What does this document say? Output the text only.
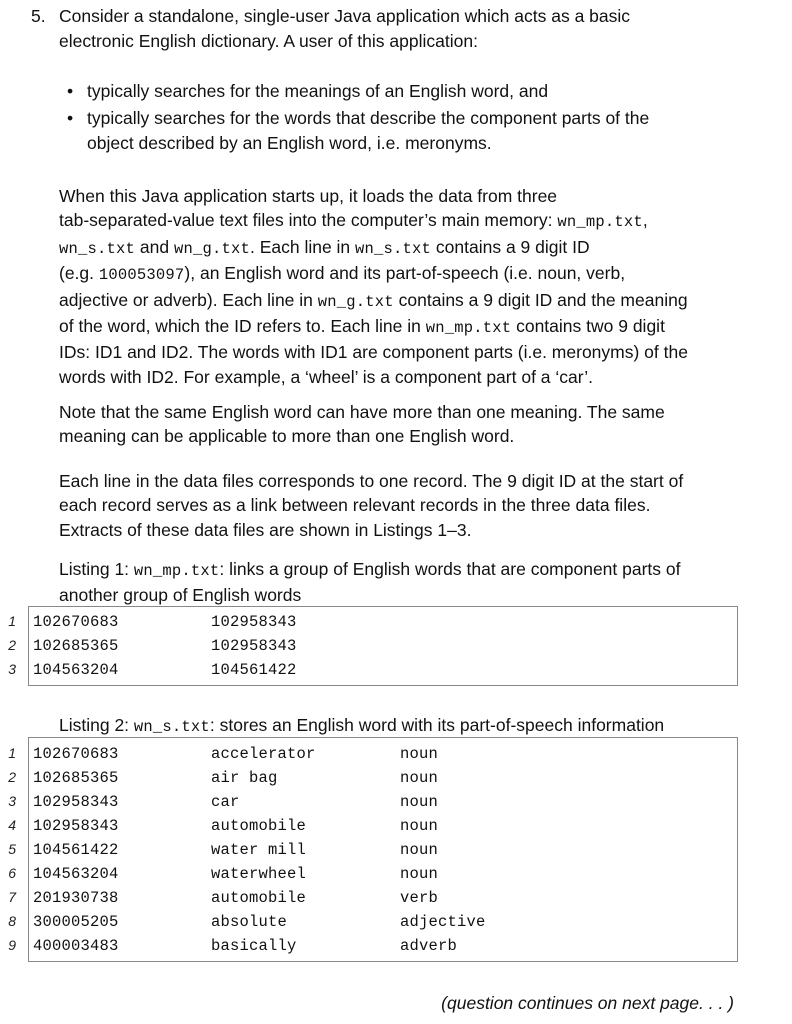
5. Consider a standalone, single-user Java application which acts as a basic
electronic English dictionary. A user of this application:
• typically searches for the meanings of an English word, and
• typically searches for the words that describe the component parts of the
object described by an English word, i.e. meronyms.
When this Java application starts up, it loads the data from three
tab-separated-value text files into the computer’s main memory: wn_mp.txt,
wn_s.txt and wn_g.txt. Each line in wn_s.txt contains a 9 digit ID
(e.g. 100053097), an English word and its part-of-speech (i.e. noun, verb,
adjective or adverb). Each line in wn_g.txt contains a 9 digit ID and the meaning
of the word, which the ID refers to. Each line in wn_mp.txt contains two 9 digit
IDs: ID1 and ID2. The words with ID1 are component parts (i.e. meronyms) of the
words with ID2. For example, a ‘wheel’ is a component part of a ‘car’.
Note that the same English word can have more than one meaning. The same
meaning can be applicable to more than one English word.
Each line in the data files corresponds to one record. The 9 digit ID at the start of
each record serves as a link between relevant records in the three data files.
Extracts of these data files are shown in Listings 1–3.
Listing 1: wn_mp.txt: links a group of English words that are component parts of
another group of English words
102670683	102958343
102685365	102958343
104563204	104561422
1
2
3
Listing 2: wn_s.txt: stores an English word with its part-of-speech information
102670683	accelerator	noun
102685365	air bag	noun
102958343	car	noun
102958343	automobile	noun
104561422	water mill	noun
104563204	waterwheel	noun
201930738	automobile	verb
300005205	absolute	adjective
400003483	basically	adverb
1
2
3
4
5
6
7
8
9
(question continues on next page. . . )
